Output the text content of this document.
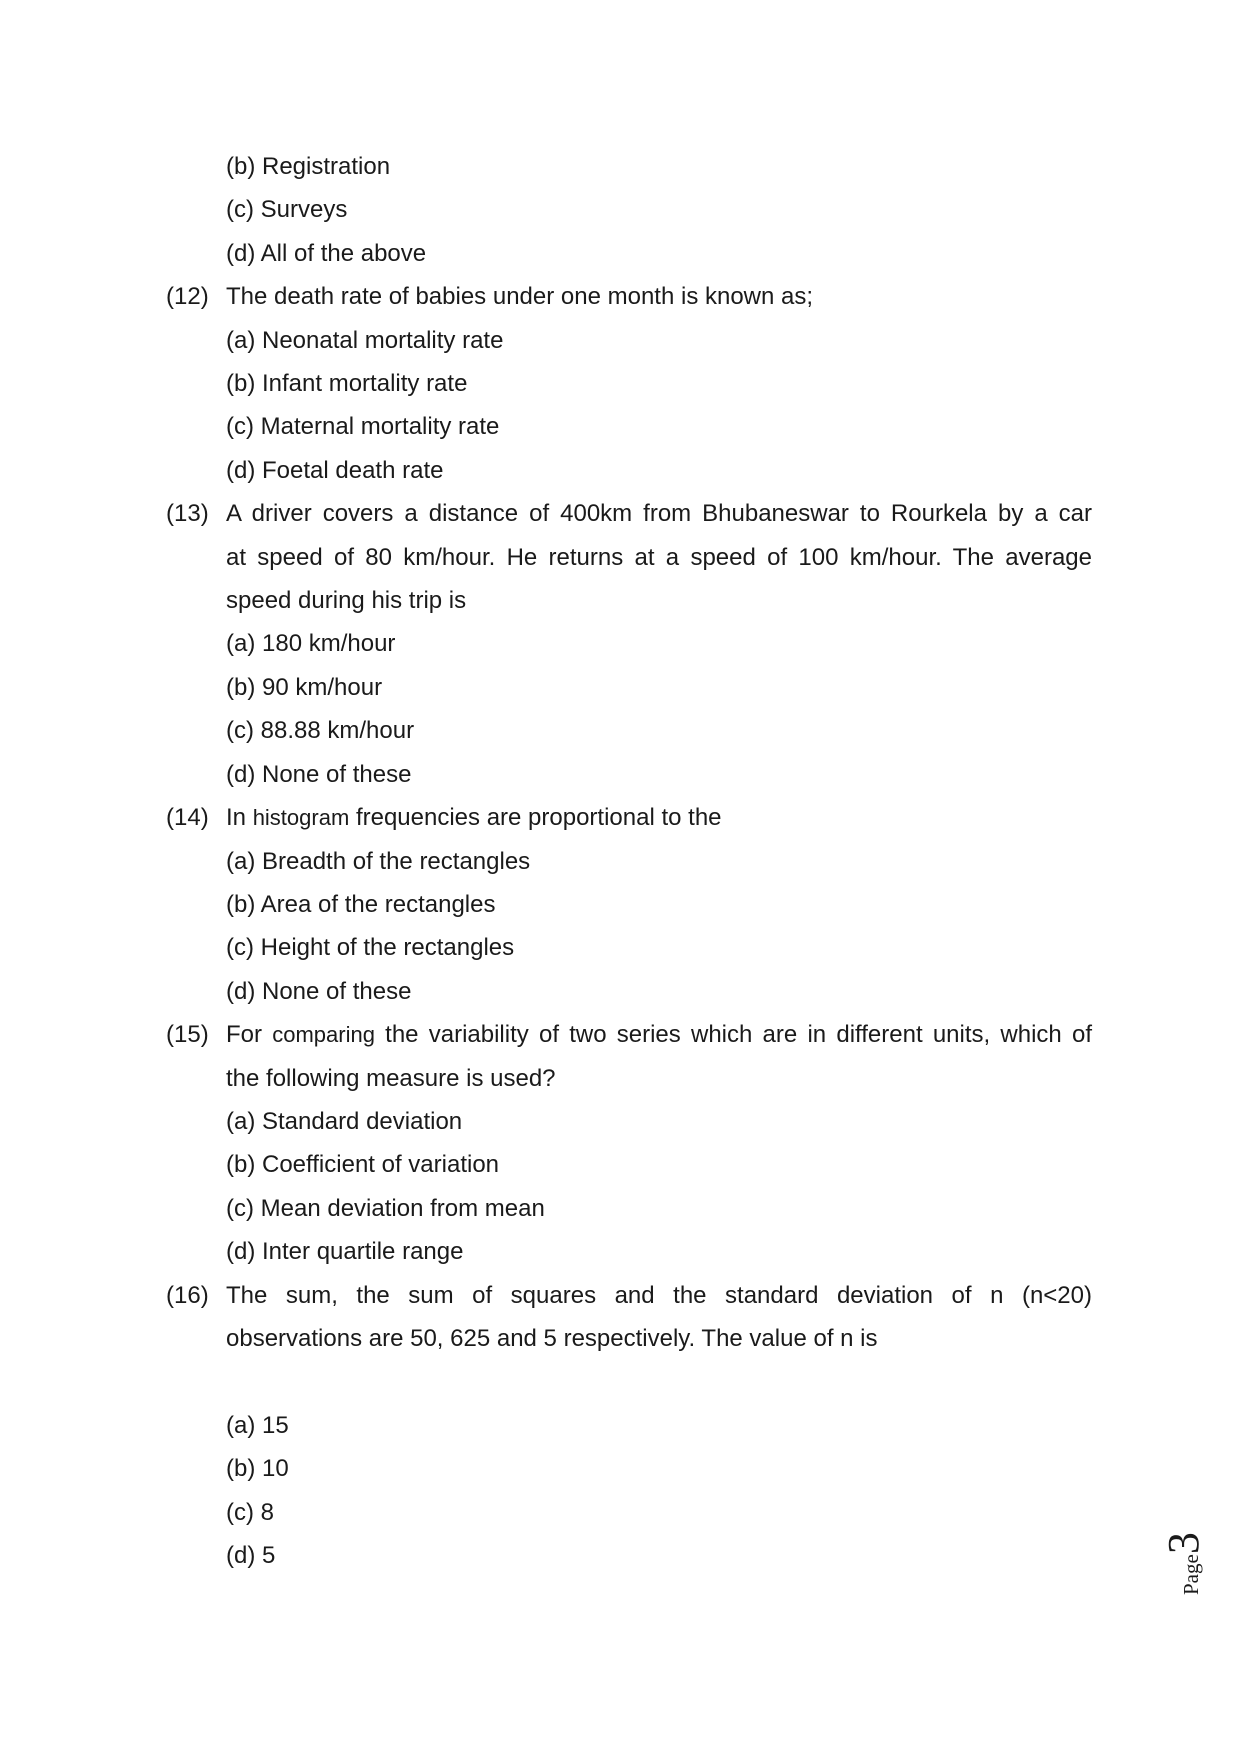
(b) Registration
(c) Surveys
(d) All of the above
(12) The death rate of babies under one month is known as;
(a) Neonatal mortality rate
(b) Infant mortality rate
(c) Maternal mortality rate
(d) Foetal death rate
(13) A driver covers a distance of 400km from Bhubaneswar to Rourkela by a car
at speed of 80 km/hour. He returns at a speed of 100 km/hour. The average
speed during his trip is
(a) 180 km/hour
(b) 90 km/hour
(c) 88.88 km/hour
(d) None of these
(14) In histogram frequencies are proportional to the
(a) Breadth of the rectangles
(b) Area of the rectangles
(c) Height of the rectangles
(d) None of these
(15) For comparing the variability of two series which are in different units, which of
the following measure is used?
(a) Standard deviation
(b) Coefficient of variation
(c) Mean deviation from mean
(d) Inter quartile range
(16) The sum, the sum of squares and the standard deviation of n (n<20)
observations are 50, 625 and 5 respectively. The value of n is
(a) 15
(b) 10
(c) 8
(d) 5	Page3
